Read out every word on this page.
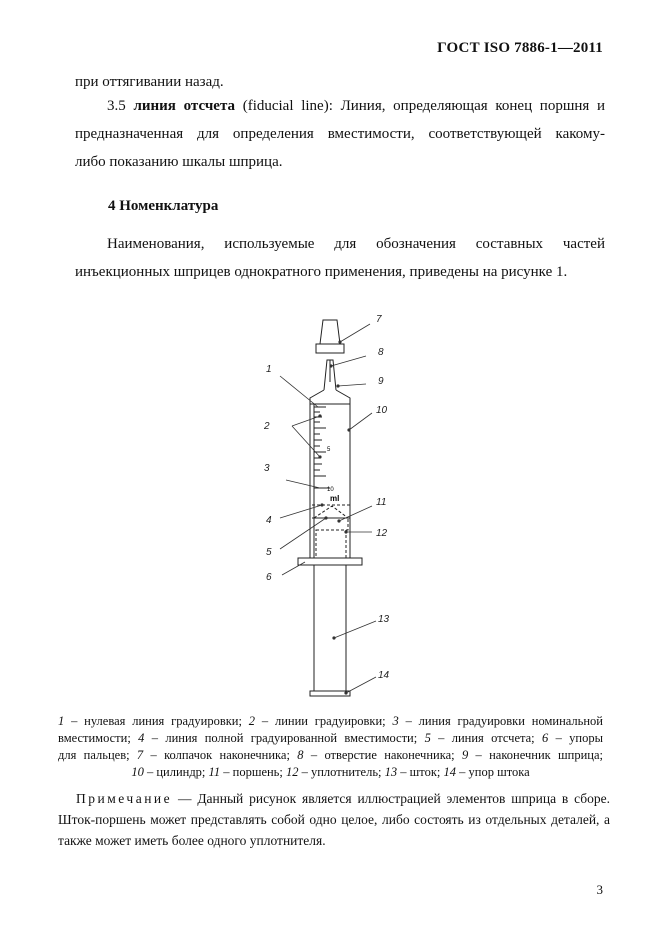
ГОСТ ISO 7886-1—2011
при оттягивании назад.
3.5 линия отсчета (fiducial line): Линия, определяющая конец поршня и
предназначенная для определения вместимости, соответствующей какому-
либо показанию шкалы шприца.
4 Номенклатура
Наименования, используемые для обозначения составных частей
инъекционных шприцев однократного применения, приведены на рисунке 1.
5
10
ml
1
2
3
4
5
6
7
8
9
10
11
12
13
14
1 – нулевая линия градуировки; 2 – линии градуировки; 3 – линия градуировки номинальной
вместимости; 4 – линия полной градуированной вместимости; 5 – линия отсчета; 6 – упоры
для пальцев; 7 – колпачок наконечника; 8 – отверстие наконечника; 9 – наконечник шприца;
10 – цилиндр; 11 – поршень; 12 – уплотнитель; 13 – шток; 14 – упор штока
Примечание — Данный рисунок является иллюстрацией элементов шприца в сборе.
Шток-поршень может представлять собой одно целое, либо состоять из отдельных деталей, а
также может иметь более одного уплотнителя.
3
